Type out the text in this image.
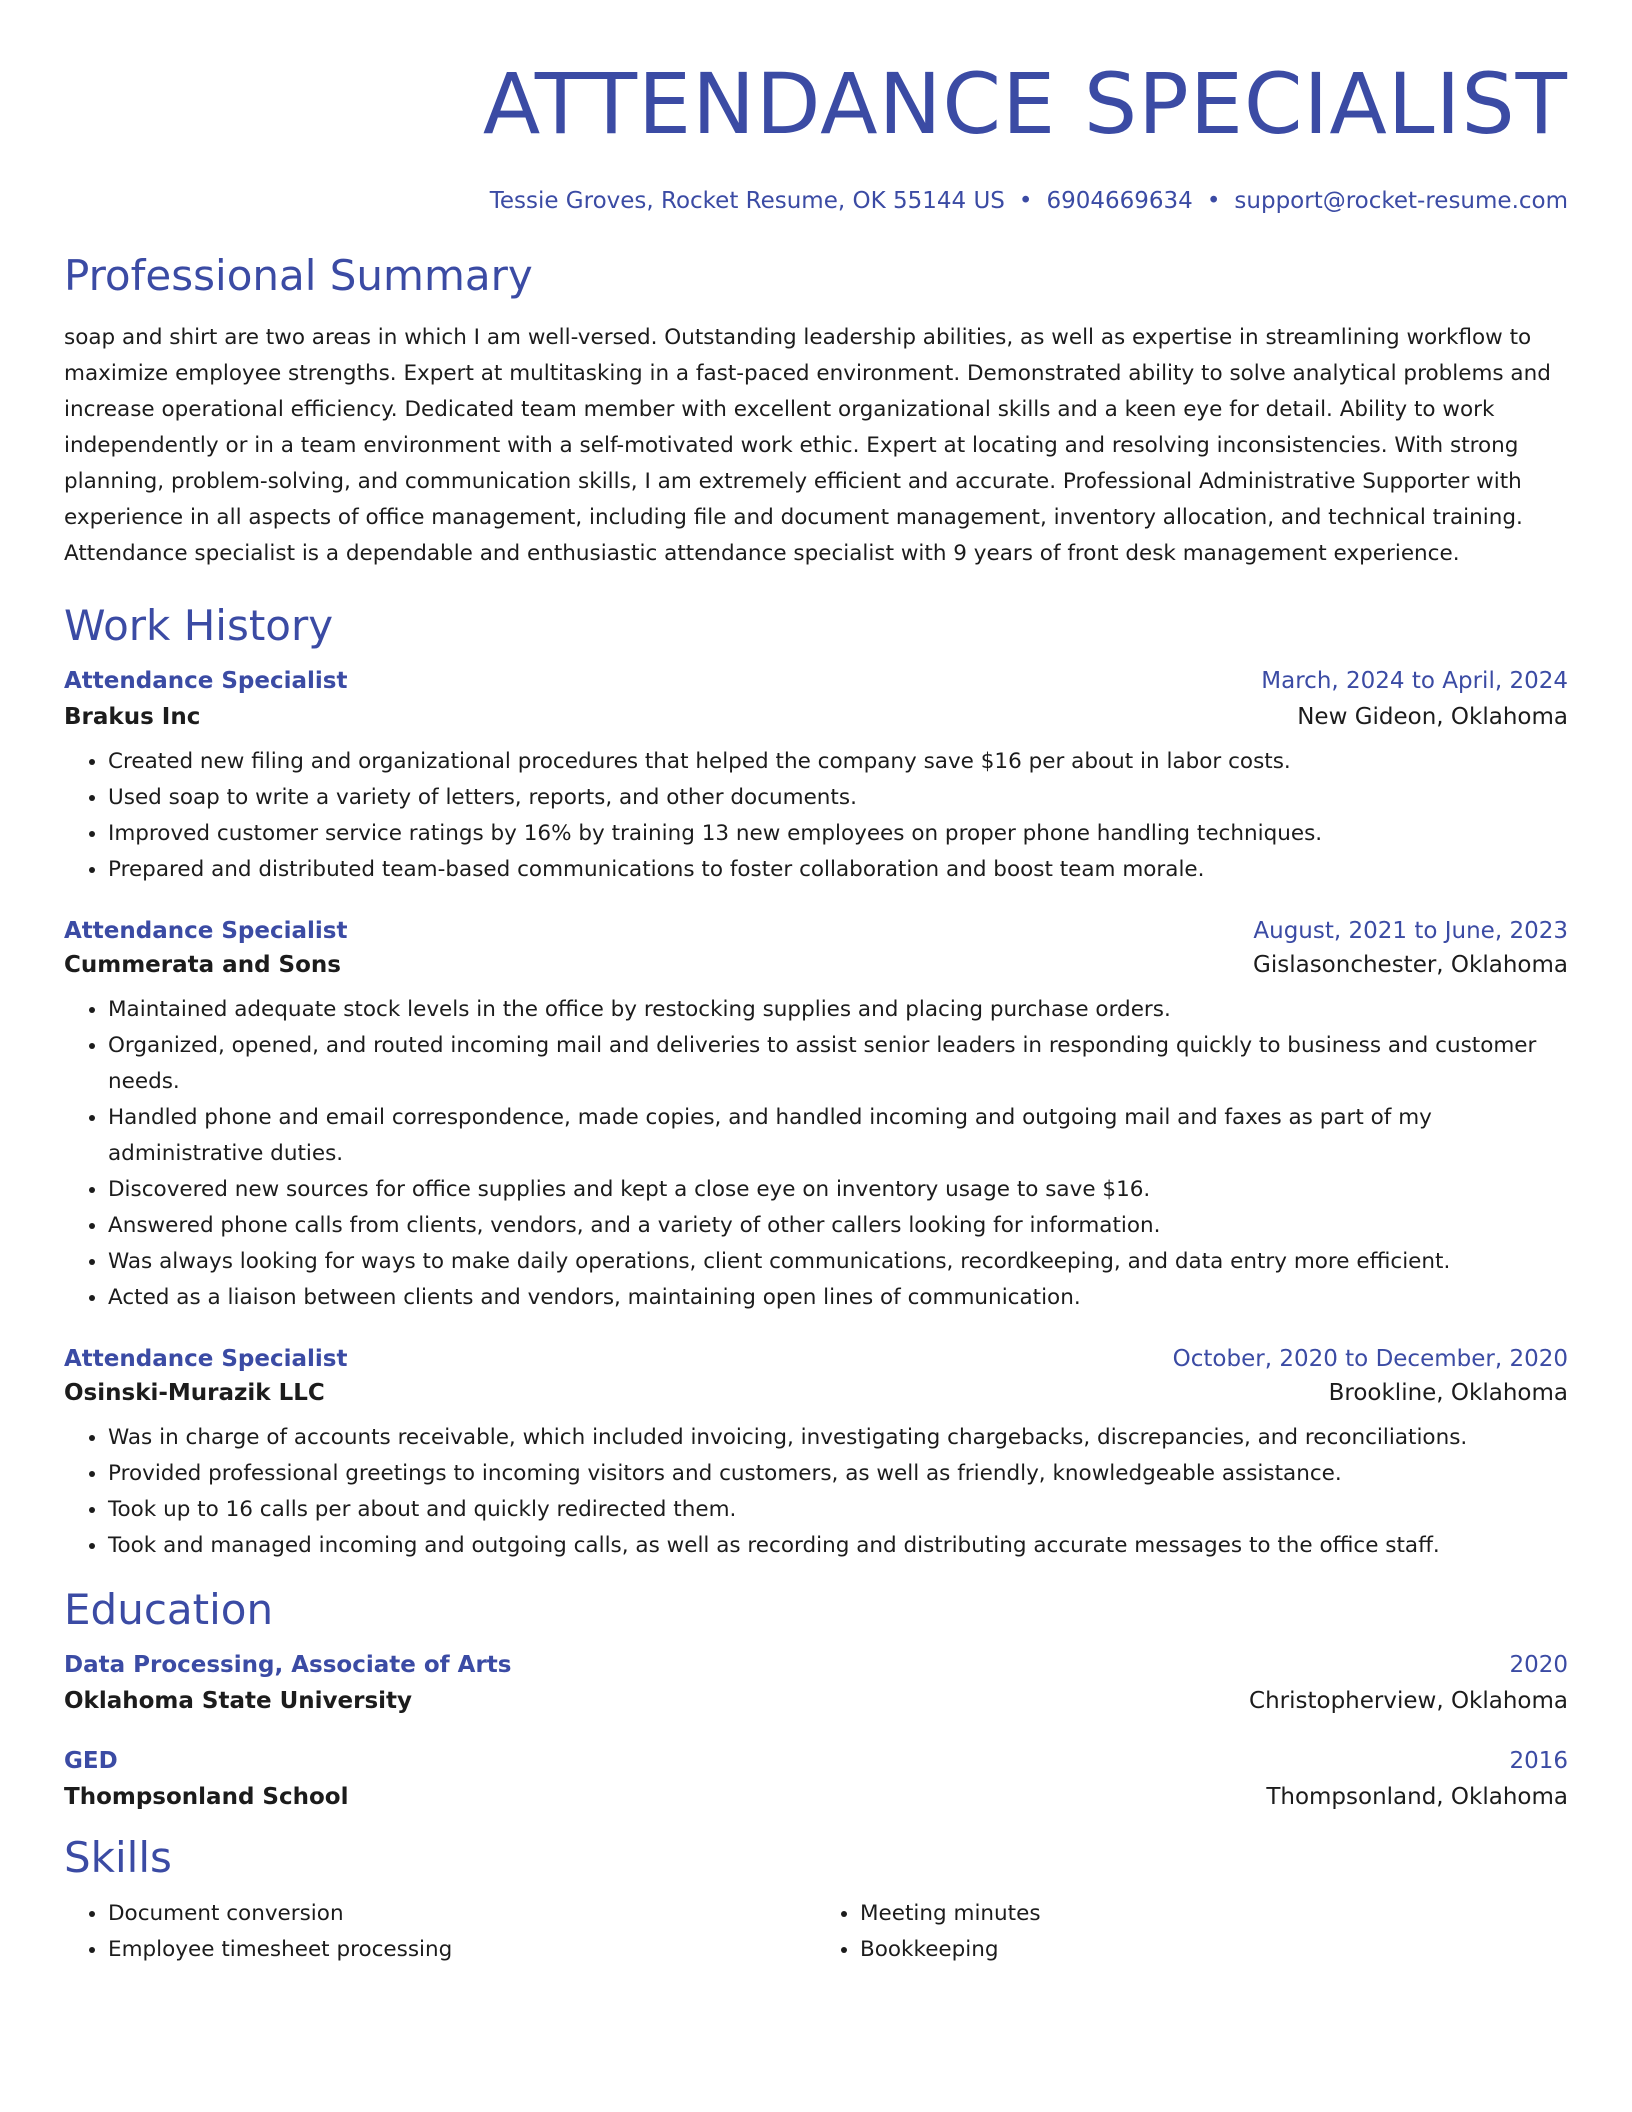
ATTENDANCE SPECIALIST
Tessie Groves, Rocket Resume, OK 55144 US • 6904669634 • support@rocket-resume.com
Professional Summary
soap and shirt are two areas in which I am well-versed. Outstanding leadership abilities, as well as expertise in streamlining workflow to maximize employee strengths. Expert at multitasking in a fast-paced environment. Demonstrated ability to solve analytical problems and increase operational efficiency. Dedicated team member with excellent organizational skills and a keen eye for detail. Ability to work independently or in a team environment with a self-motivated work ethic. Expert at locating and resolving inconsistencies. With strong planning, problem-solving, and communication skills, I am extremely efficient and accurate. Professional Administrative Supporter with experience in all aspects of office management, including file and document management, inventory allocation, and technical training. Attendance specialist is a dependable and enthusiastic attendance specialist with 9 years of front desk management experience.
Work History
Attendance Specialist	March, 2024 to April, 2024
Brakus Inc	New Gideon, Oklahoma
• Created new filing and organizational procedures that helped the company save $16 per about in labor costs.
• Used soap to write a variety of letters, reports, and other documents.
• Improved customer service ratings by 16% by training 13 new employees on proper phone handling techniques.
• Prepared and distributed team-based communications to foster collaboration and boost team morale.
Attendance Specialist	August, 2021 to June, 2023
Cummerata and Sons	Gislasonchester, Oklahoma
• Maintained adequate stock levels in the office by restocking supplies and placing purchase orders.
• Organized, opened, and routed incoming mail and deliveries to assist senior leaders in responding quickly to business and customer needs.
• Handled phone and email correspondence, made copies, and handled incoming and outgoing mail and faxes as part of my administrative duties.
• Discovered new sources for office supplies and kept a close eye on inventory usage to save $16.
• Answered phone calls from clients, vendors, and a variety of other callers looking for information.
• Was always looking for ways to make daily operations, client communications, recordkeeping, and data entry more efficient.
• Acted as a liaison between clients and vendors, maintaining open lines of communication.
Attendance Specialist	October, 2020 to December, 2020
Osinski-Murazik LLC	Brookline, Oklahoma
• Was in charge of accounts receivable, which included invoicing, investigating chargebacks, discrepancies, and reconciliations.
• Provided professional greetings to incoming visitors and customers, as well as friendly, knowledgeable assistance.
• Took up to 16 calls per about and quickly redirected them.
• Took and managed incoming and outgoing calls, as well as recording and distributing accurate messages to the office staff.
Education
Data Processing, Associate of Arts	2020
Oklahoma State University	Christopherview, Oklahoma
GED	2016
Thompsonland School	Thompsonland, Oklahoma
Skills
• Document conversion
• Employee timesheet processing
• Meeting minutes
• Bookkeeping
